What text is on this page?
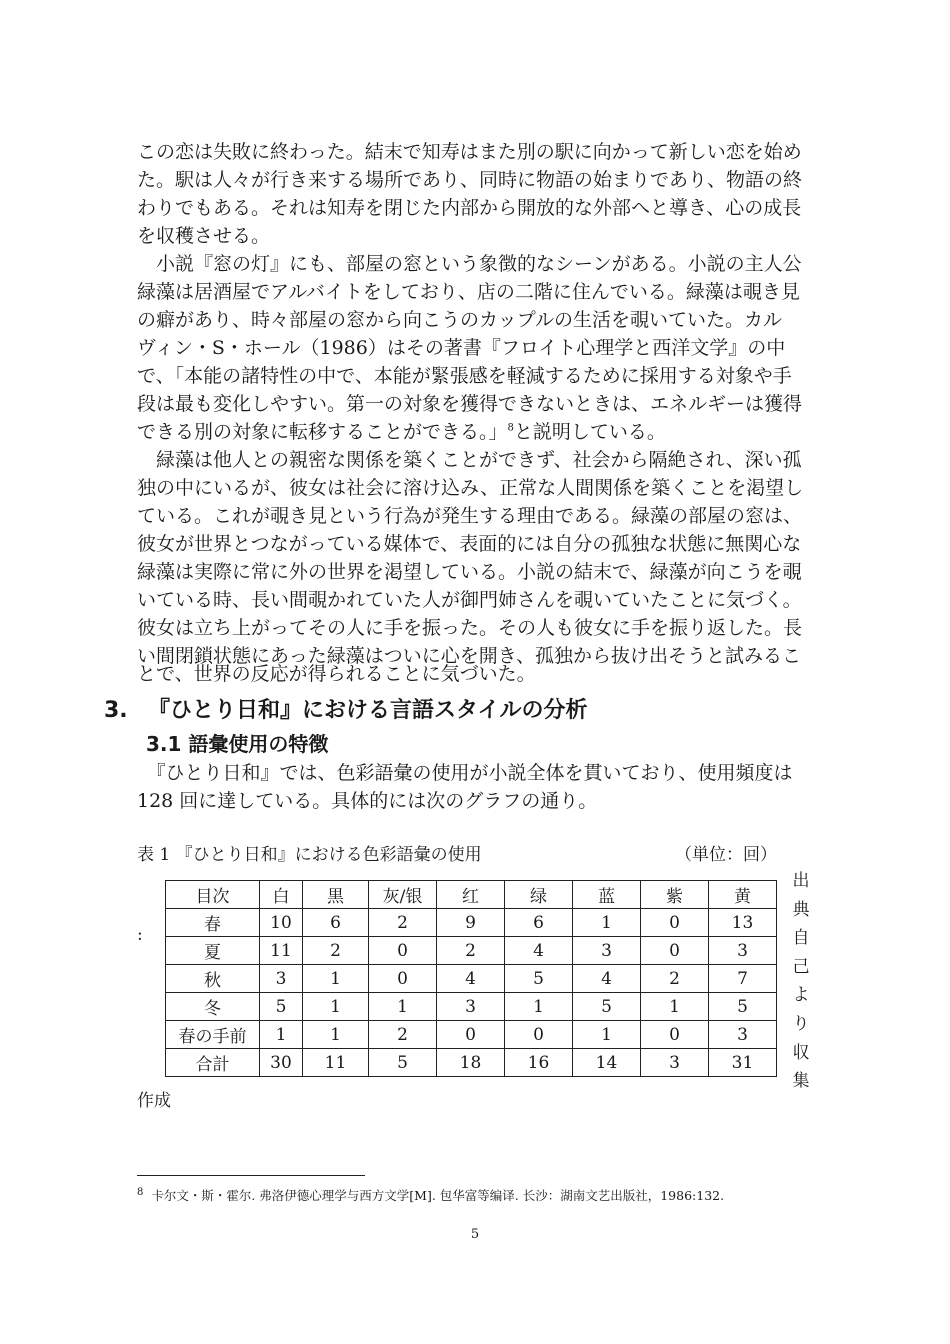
この恋は失敗に終わった。結末で知寿はまた別の駅に向かって新しい恋を始め
た。駅は人々が行き来する場所であり、同時に物語の始まりであり、物語の終
わりでもある。それは知寿を閉じた内部から開放的な外部へと導き、心の成長
を収穫させる。
　小説『窓の灯』にも、部屋の窓という象徴的なシーンがある。小説の主人公
緑藻は居酒屋でアルバイトをしており、店の二階に住んでいる。緑藻は覗き見
の癖があり、時々部屋の窓から向こうのカップルの生活を覗いていた。カル
ヴィン・S・ホール（1986）はその著書『フロイト心理学と西洋文学』の中
で、「本能の諸特性の中で、本能が緊張感を軽減するために採用する対象や手
段は最も変化しやすい。第一の対象を獲得できないときは、エネルギーは獲得
できる別の対象に転移することができる。」$^8$と説明している。
　緑藻は他人との親密な関係を築くことができず、社会から隔絶され、深い孤
独の中にいるが、彼女は社会に溶け込み、正常な人間関係を築くことを渇望し
ている。これが覗き見という行為が発生する理由である。緑藻の部屋の窓は、
彼女が世界とつながっている媒体で、表面的には自分の孤独な状態に無関心な
緑藻は実際に常に外の世界を渇望している。小説の結末で、緑藻が向こうを覗
いている時、長い間覗かれていた人が御門姉さんを覗いていたことに気づく。
彼女は立ち上がってその人に手を振った。その人も彼女に手を振り返した。長
い間閉鎖状態にあった緑藻はついに心を開き、孤独から抜け出そうと試みるこ
とで、世界の反応が得られることに気づいた。
3. 『ひとり日和』における言語スタイルの分析
3.1 語彙使用の特徴
　『ひとり日和』では、色彩語彙の使用が小説全体を貫いており、使用頻度は
128 回に達している。具体的には次のグラフの通り。
表 1 『ひとり日和』における色彩語彙の使用	（単位：回）
:
目次	白	黒	灰/银	红	绿	蓝	紫	黄
春	10	6	2	9	6	1	0	13
夏	11	2	0	2	4	3	0	3
秋	3	1	0	4	5	4	2	7
冬	5	1	1	3	1	5	1	5
春の手前	1	1	2	0	0	1	0	3
合計	30	11	5	18	16	14	3	31
出
典
自
己
よ
り
収
集
作成
$^8$ 卡尔文・斯・霍尔. 弗洛伊德心理学与西方文学[M]. 包华富等编译. 长沙：湖南文艺出版社，1986:132.
5
